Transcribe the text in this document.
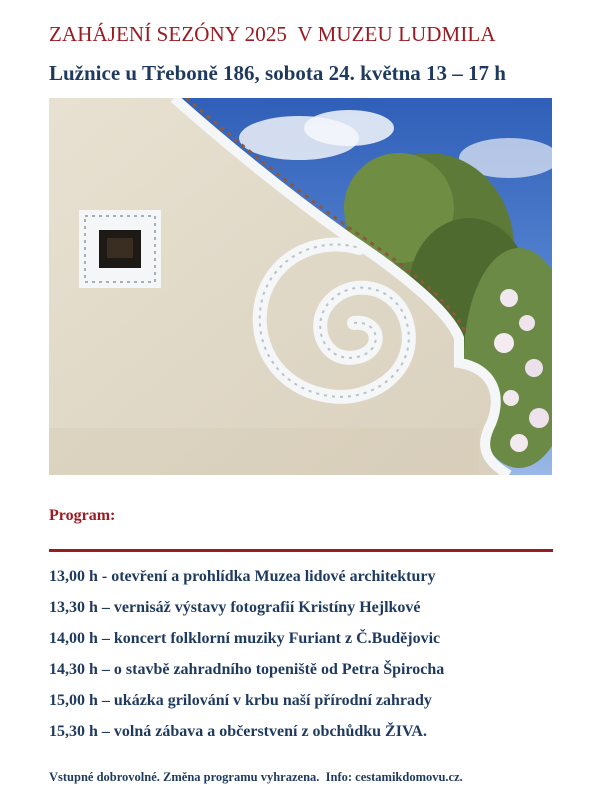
ZAHÁJENÍ SEZÓNY 2025  V MUZEU LUDMILA
Lužnice u Třeboně 186, sobota 24. května 13 – 17 h

Program:

13,00 h - otevření a prohlídka Muzea lidové architektury
13,30 h – vernisáž výstavy fotografií Kristíny Hejlkové
14,00 h – koncert folklorní muziky Furiant z Č.Budějovic
14,30 h – o stavbě zahradního topeniště od Petra Špirocha
15,00 h – ukázka grilování v krbu naší přírodní zahrady
15,30 h – volná zábava a občerstvení z obchůdku ŽIVA.

Vstupné dobrovolné. Změna programu vyhrazena.  Info: cestamikdomovu.cz.
